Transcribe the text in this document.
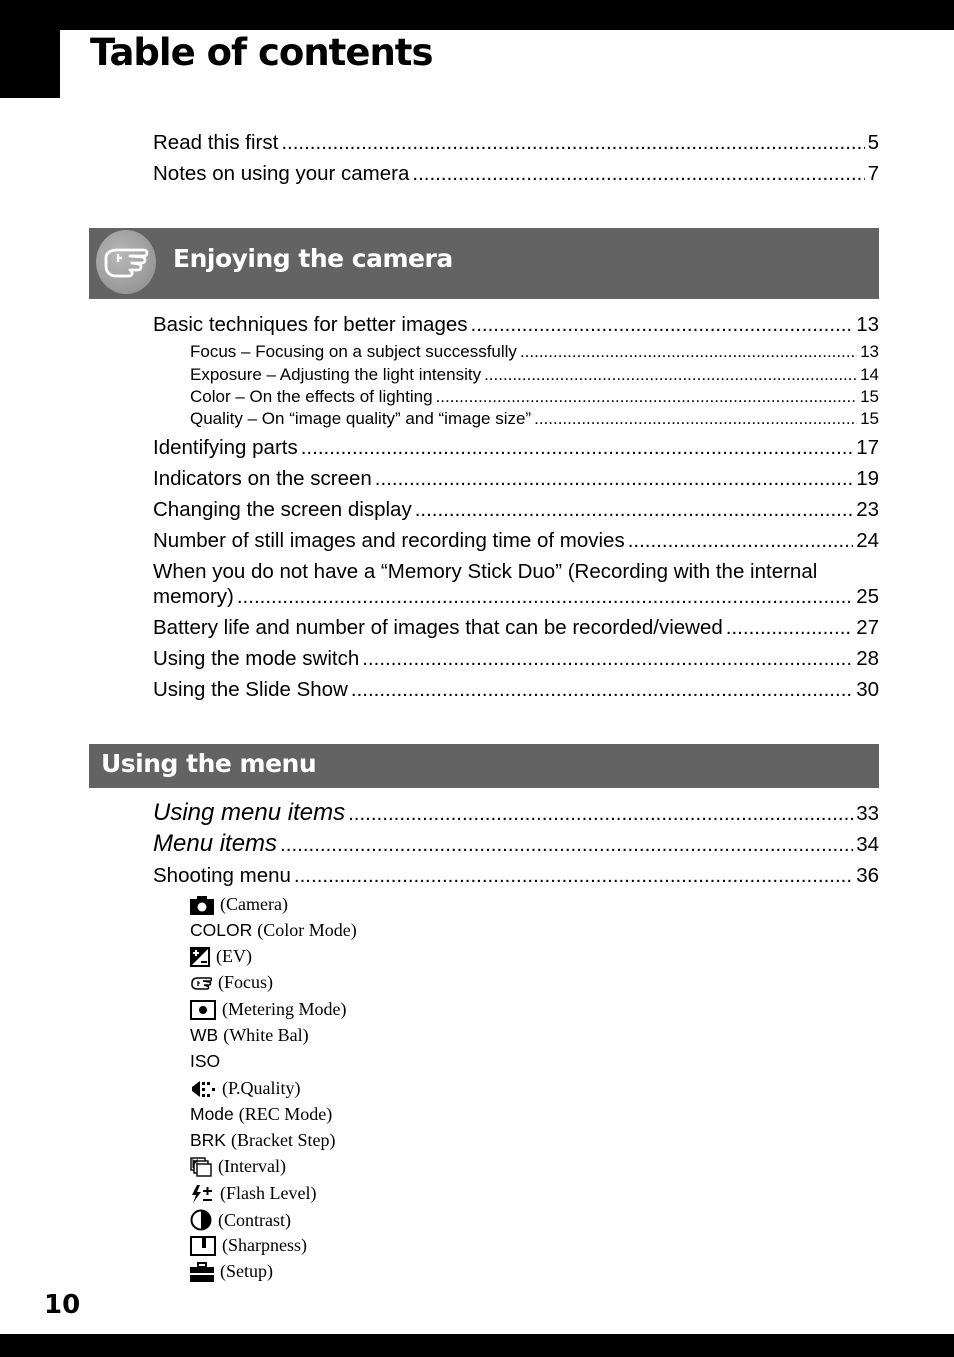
Table of contents
Read this first .....	5
Notes on using your camera .....	7
Enjoying the camera
Basic techniques for better images .....	13
Focus – Focusing on a subject successfully .....	13
Exposure – Adjusting the light intensity .....	14
Color – On the effects of lighting .....	15
Quality – On “image quality” and “image size” .....	15
Identifying parts .....	17
Indicators on the screen .....	19
Changing the screen display .....	23
Number of still images and recording time of movies .....	24
When you do not have a “Memory Stick Duo” (Recording with the internal
memory) .....	25
Battery life and number of images that can be recorded/viewed .....	27
Using the mode switch .....	28
Using the Slide Show .....	30
Using the menu
Using menu items .....	33
Menu items .....	34
Shooting menu .....	36
(Camera)
COLOR (Color Mode)
(EV)
(Focus)
(Metering Mode)
WB (White Bal)
ISO
(P.Quality)
Mode (REC Mode)
BRK (Bracket Step)
(Interval)
(Flash Level)
(Contrast)
(Sharpness)
(Setup)
10
